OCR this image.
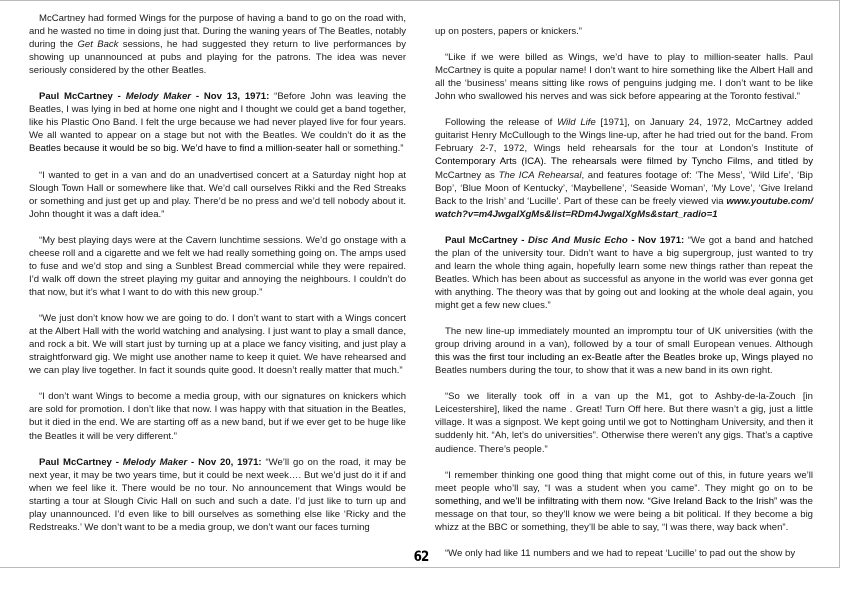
McCartney had formed Wings for the purpose of having a band to go on the road with, and he wasted no time in doing just that. During the waning years of The Beatles, notably during the Get Back sessions, he had suggested they return to live performances by showing up unannounced at pubs and playing for the patrons. The idea was never seriously considered by the other Beatles.

Paul McCartney - Melody Maker - Nov 13, 1971: “Before John was leaving the Beatles, I was lying in bed at home one night and I thought we could get a band together, like his Plastic Ono Band. I felt the urge because we had never played live for four years. We all wanted to appear on a stage but not with the Beatles. We couldn’t do it as the Beatles because it would be so big. We’d have to find a million-seater hall or something.”

“I wanted to get in a van and do an unadvertised concert at a Saturday night hop at Slough Town Hall or somewhere like that. We’d call ourselves Rikki and the Red Streaks or something and just get up and play. There’d be no press and we’d tell nobody about it. John thought it was a daft idea.”

“My best playing days were at the Cavern lunchtime sessions. We’d go onstage with a cheese roll and a cigarette and we felt we had really something going on. The amps used to fuse and we’d stop and sing a Sunblest Bread commercial while they were repaired. I’d walk off down the street playing my guitar and annoying the neighbours. I couldn’t do that now, but it’s what I want to do with this new group.”

“We just don’t know how we are going to do. I don’t want to start with a Wings concert at the Albert Hall with the world watching and analysing. I just want to play a small dance, and rock a bit. We will start just by turning up at a place we fancy visiting, and just play a straightforward gig. We might use another name to keep it quiet. We have rehearsed and we can play live together. In fact it sounds quite good. It doesn’t really matter that much.”

“I don’t want Wings to become a media group, with our signatures on knickers which are sold for promotion. I don’t like that now. I was happy with that situation in the Beatles, but it died in the end. We are starting off as a new band, but if we ever get to be huge like the Beatles it will be very different.”

Paul McCartney - Melody Maker - Nov 20, 1971: “We’ll go on the road, it may be next year, it may be two years time, but it could be next week…. But we’d just do it if and when we feel like it. There would be no tour. No announcement that Wings would be starting a tour at Slough Civic Hall on such and such a date. I’d just like to turn up and play unannounced. I’d even like to bill ourselves as something else like ‘Ricky and the Redstreaks.’ We don’t want to be a media group, we don’t want our faces turning

up on posters, papers or knickers.”

“Like if we were billed as Wings, we’d have to play to million-seater halls. Paul McCartney is quite a popular name! I don’t want to hire something like the Albert Hall and all the ‘business’ means sitting like rows of penguins judging me. I don’t want to be like John who swallowed his nerves and was sick before appearing at the Toronto festival.”

Following the release of Wild Life [1971], on January 24, 1972, McCartney added guitarist Henry McCullough to the Wings line-up, after he had tried out for the band. From February 2-7, 1972, Wings held rehearsals for the tour at London’s Institute of Contemporary Arts (ICA). The rehearsals were filmed by Tyncho Films, and titled by McCartney as The ICA Rehearsal, and features footage of: ‘The Mess’, ‘Wild Life’, ‘Bip Bop’, ‘Blue Moon of Kentucky’, ‘Maybellene’, ‘Seaside Woman’, ‘My Love’, ‘Give Ireland Back to the Irish’ and ‘Lucille’. Part of these can be freely viewed via www.youtube.com/watch?v=m4JwgalXgMs&list=RDm4JwgalXgMs&start_radio=1

Paul McCartney - Disc And Music Echo - Nov 1971: “We got a band and hatched the plan of the university tour. Didn’t want to have a big supergroup, just wanted to try and learn the whole thing again, hopefully learn some new things rather than repeat the Beatles. Which has been about as successful as anyone in the world was ever gonna get with anything. The theory was that by going out and looking at the whole deal again, you might get a few new clues.”

The new line-up immediately mounted an impromptu tour of UK universities (with the group driving around in a van), followed by a tour of small European venues. Although this was the first tour including an ex-Beatle after the Beatles broke up, Wings played no Beatles numbers during the tour, to show that it was a new band in its own right.

“So we literally took off in a van up the M1, got to Ashby-de-la-Zouch [in Leicestershire], liked the name . Great! Turn Off here. But there wasn’t a gig, just a little village. It was a signpost. We kept going until we got to Nottingham University, and then it suddenly hit. “Ah, let’s do universities”. Otherwise there weren’t any gigs. That’s a captive audience. There’s people.”

“I remember thinking one good thing that might come out of this, in future years we’ll meet people who’ll say, “I was a student when you came”. They might go on to be something, and we’ll be infiltrating with them now. “Give Ireland Back to the Irish” was the message on that tour, so they’ll know we were being a bit political. If they become a big whizz at the BBC or something, they’ll be able to say, “I was there, way back when”.

“We only had like 11 numbers and we had to repeat ‘Lucille’ to pad out the show by

62
